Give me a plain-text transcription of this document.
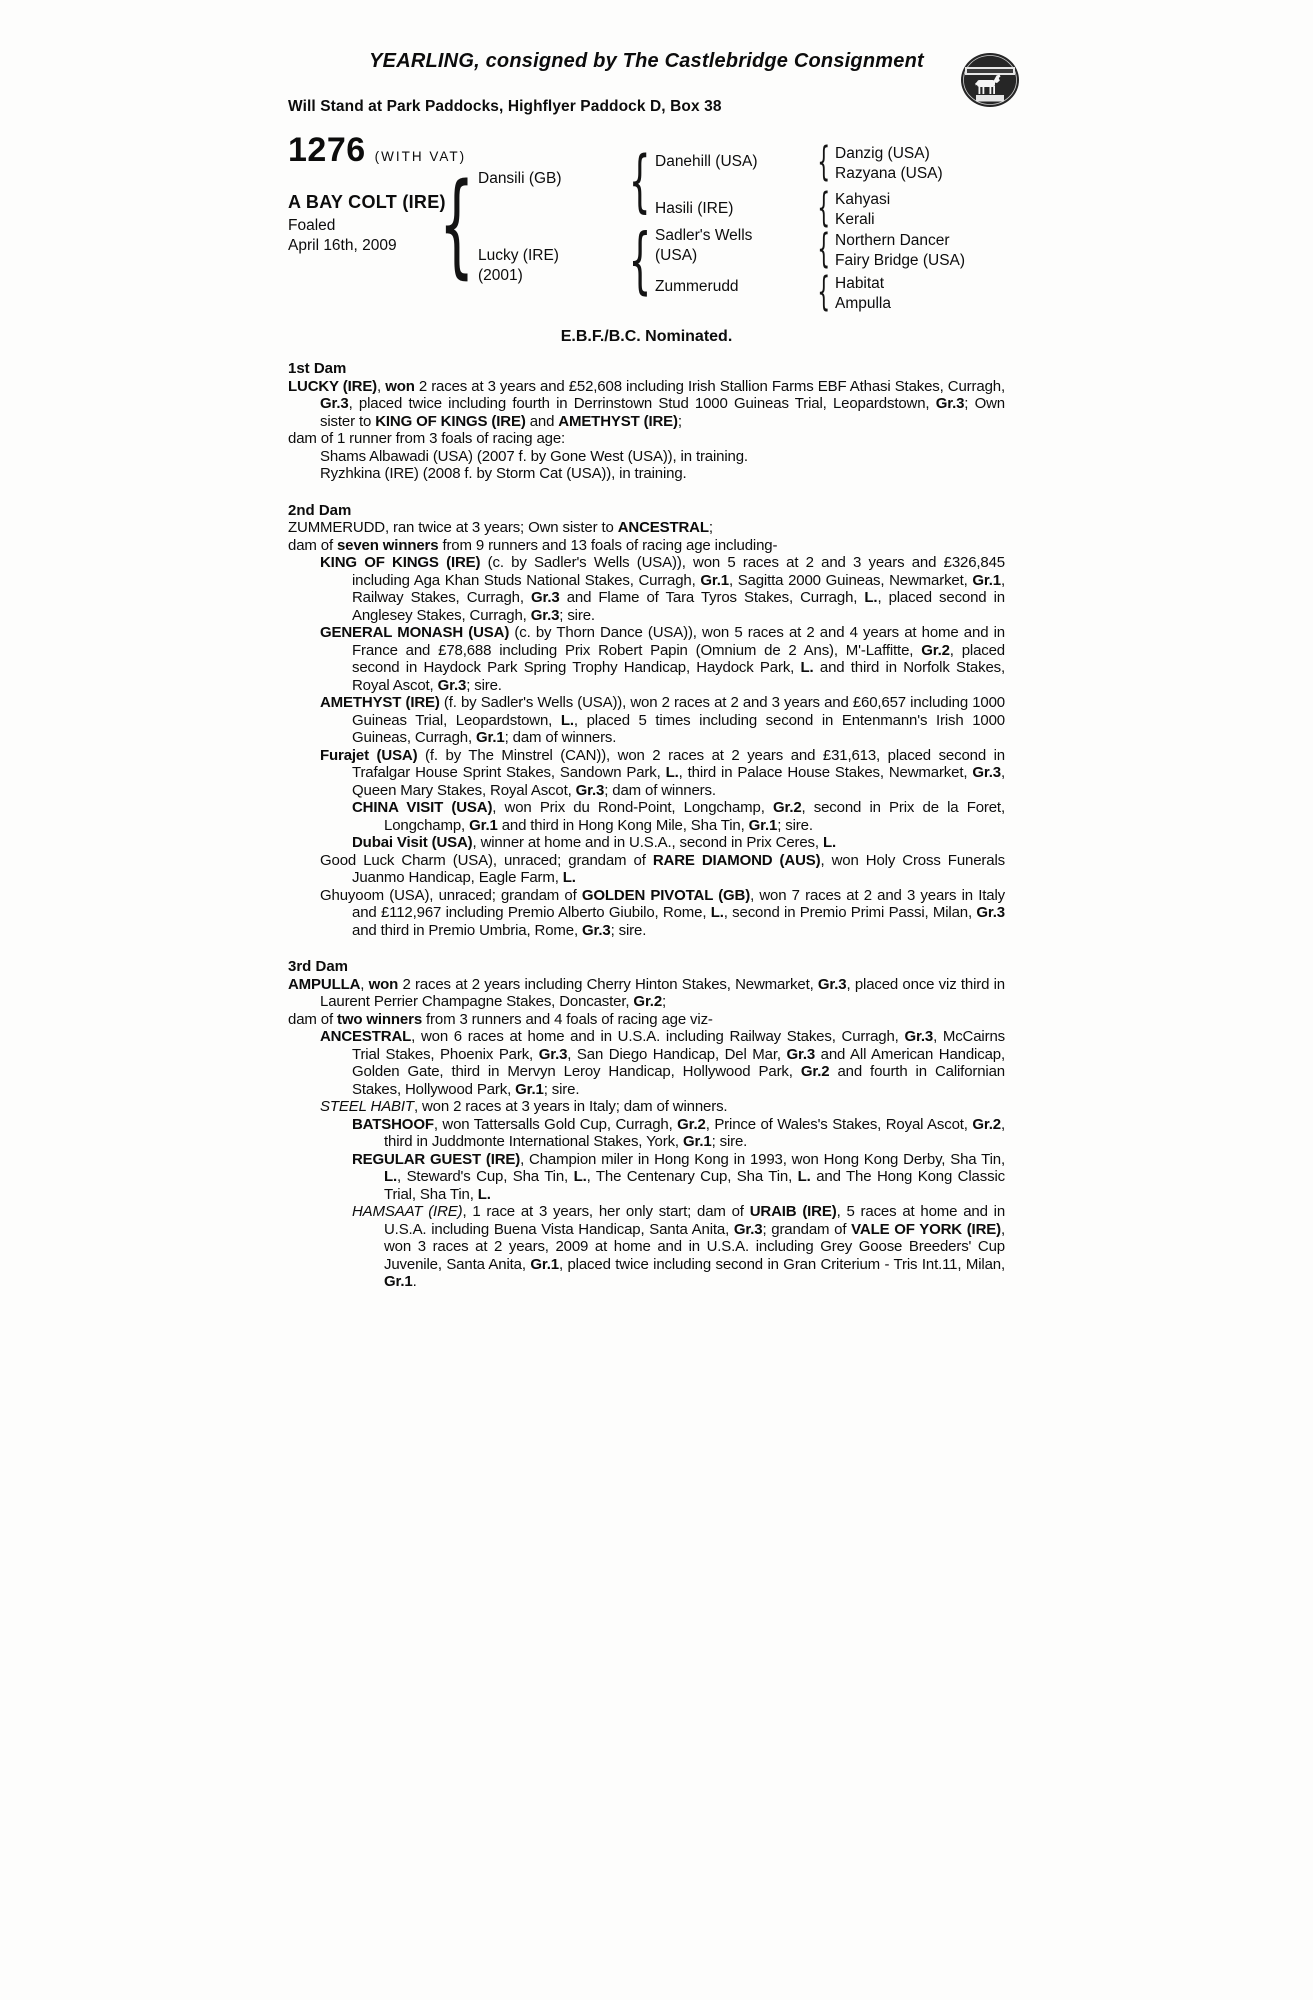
YEARLING, consigned by The Castlebridge Consignment
Will Stand at Park Paddocks, Highflyer Paddock D, Box 38
1276 (WITH VAT)
A BAY COLT (IRE)
Foaled
April 16th, 2009
{
Dansili (GB)
Lucky (IRE)
(2001)
{
Danehill (USA)
Hasili (IRE)
{
Sadler's Wells
(USA)
Zummerudd
{
Danzig (USA)
Razyana (USA)
{
Kahyasi
Kerali
{
Northern Dancer
Fairy Bridge (USA)
{
Habitat
Ampulla
E.B.F./B.C. Nominated.

1st Dam

LUCKY (IRE), won 2 races at 3 years and £52,608 including Irish Stallion Farms EBF Athasi Stakes, Curragh, Gr.3, placed twice including fourth in Derrinstown Stud 1000 Guineas Trial, Leopardstown, Gr.3; Own sister to KING OF KINGS (IRE) and AMETHYST (IRE);

dam of 1 runner from 3 foals of racing age:

Shams Albawadi (USA) (2007 f. by Gone West (USA)), in training.

Ryzhkina (IRE) (2008 f. by Storm Cat (USA)), in training.

2nd Dam

ZUMMERUDD, ran twice at 3 years; Own sister to ANCESTRAL;

dam of seven winners from 9 runners and 13 foals of racing age including-

KING OF KINGS (IRE) (c. by Sadler's Wells (USA)), won 5 races at 2 and 3 years and £326,845 including Aga Khan Studs National Stakes, Curragh, Gr.1, Sagitta 2000 Guineas, Newmarket, Gr.1, Railway Stakes, Curragh, Gr.3 and Flame of Tara Tyros Stakes, Curragh, L., placed second in Anglesey Stakes, Curragh, Gr.3; sire.

GENERAL MONASH (USA) (c. by Thorn Dance (USA)), won 5 races at 2 and 4 years at home and in France and £78,688 including Prix Robert Papin (Omnium de 2 Ans), M'-Laffitte, Gr.2, placed second in Haydock Park Spring Trophy Handicap, Haydock Park, L. and third in Norfolk Stakes, Royal Ascot, Gr.3; sire.

AMETHYST (IRE) (f. by Sadler's Wells (USA)), won 2 races at 2 and 3 years and £60,657 including 1000 Guineas Trial, Leopardstown, L., placed 5 times including second in Entenmann's Irish 1000 Guineas, Curragh, Gr.1; dam of winners.

Furajet (USA) (f. by The Minstrel (CAN)), won 2 races at 2 years and £31,613, placed second in Trafalgar House Sprint Stakes, Sandown Park, L., third in Palace House Stakes, Newmarket, Gr.3, Queen Mary Stakes, Royal Ascot, Gr.3; dam of winners.

CHINA VISIT (USA), won Prix du Rond-Point, Longchamp, Gr.2, second in Prix de la Foret, Longchamp, Gr.1 and third in Hong Kong Mile, Sha Tin, Gr.1; sire.

Dubai Visit (USA), winner at home and in U.S.A., second in Prix Ceres, L.

Good Luck Charm (USA), unraced; grandam of RARE DIAMOND (AUS), won Holy Cross Funerals Juanmo Handicap, Eagle Farm, L.

Ghuyoom (USA), unraced; grandam of GOLDEN PIVOTAL (GB), won 7 races at 2 and 3 years in Italy and £112,967 including Premio Alberto Giubilo, Rome, L., second in Premio Primi Passi, Milan, Gr.3 and third in Premio Umbria, Rome, Gr.3; sire.

3rd Dam

AMPULLA, won 2 races at 2 years including Cherry Hinton Stakes, Newmarket, Gr.3, placed once viz third in Laurent Perrier Champagne Stakes, Doncaster, Gr.2;

dam of two winners from 3 runners and 4 foals of racing age viz-

ANCESTRAL, won 6 races at home and in U.S.A. including Railway Stakes, Curragh, Gr.3, McCairns Trial Stakes, Phoenix Park, Gr.3, San Diego Handicap, Del Mar, Gr.3 and All American Handicap, Golden Gate, third in Mervyn Leroy Handicap, Hollywood Park, Gr.2 and fourth in Californian Stakes, Hollywood Park, Gr.1; sire.

STEEL HABIT, won 2 races at 3 years in Italy; dam of winners.

BATSHOOF, won Tattersalls Gold Cup, Curragh, Gr.2, Prince of Wales's Stakes, Royal Ascot, Gr.2, third in Juddmonte International Stakes, York, Gr.1; sire.

REGULAR GUEST (IRE), Champion miler in Hong Kong in 1993, won Hong Kong Derby, Sha Tin, L., Steward's Cup, Sha Tin, L., The Centenary Cup, Sha Tin, L. and The Hong Kong Classic Trial, Sha Tin, L.

HAMSAAT (IRE), 1 race at 3 years, her only start; dam of URAIB (IRE), 5 races at home and in U.S.A. including Buena Vista Handicap, Santa Anita, Gr.3; grandam of VALE OF YORK (IRE), won 3 races at 2 years, 2009 at home and in U.S.A. including Grey Goose Breeders' Cup Juvenile, Santa Anita, Gr.1, placed twice including second in Gran Criterium - Tris Int.11, Milan, Gr.1.
